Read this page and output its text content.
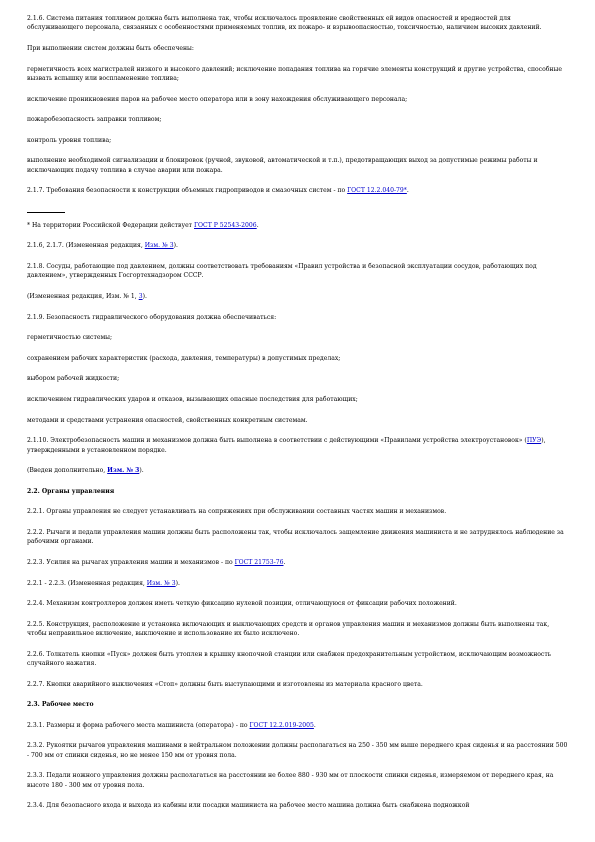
2.1.6. Система питания топливом должна быть выполнена так, чтобы исключалось проявление свойственных ей видов опасностей и вредностей для обслуживающего персонала, связанных с особенностями применяемых топлив, их пожаро- и взрывоопасностью, токсичностью, наличием высоких давлений.

При выполнении систем должны быть обеспечены:

герметичность всех магистралей низкого и высокого давлений; исключение попадания топлива на горячие элементы конструкций и другие устройства, способные вызвать вспышку или воспламенение топлива;

исключение проникновения паров на рабочее место оператора или в зону нахождения обслуживающего персонала;

пожаробезопасность заправки топливом;

контроль уровня топлива;

выполнение необходимой сигнализации и блокировок (ручной, звуковой, автоматической и т.п.), предотвращающих выход за допустимые режимы работы и исключающих подачу топлива в случае аварии или пожара.

2.1.7. Требования безопасности к конструкции объемных гидроприводов и смазочных систем - по ГОСТ 12.2.040-79*.

* На территории Российской Федерации действует ГОСТ Р 52543-2006.

2.1.6, 2.1.7. (Измененная редакция, Изм. № 3).

2.1.8. Сосуды, работающие под давлением, должны соответствовать требованиям «Правил устройства и безопасной эксплуатации сосудов, работающих под давлением», утвержденных Госгортехнадзором СССР.

(Измененная редакция, Изм. № 1, 3).

2.1.9. Безопасность гидравлического оборудования должна обеспечиваться:

герметичностью системы;

сохранением рабочих характеристик (расхода, давления, температуры) в допустимых пределах;

выбором рабочей жидкости;

исключением гидравлических ударов и отказов, вызывающих опасные последствия для работающих;

методами и средствами устранения опасностей, свойственных конкретным системам.

2.1.10. Электробезопасность машин и механизмов должна быть выполнена в соответствии с действующими «Правилами устройства электроустановок» (ПУЭ), утвержденными в установленном порядке.

(Введен дополнительно, Изм. № 3).

2.2. Органы управления

2.2.1. Органы управления не следует устанавливать на сопряжениях при обслуживании составных частях машин и механизмов.

2.2.2. Рычаги и педали управления машин должны быть расположены так, чтобы исключалось защемление движения машиниста и не затруднялось наблюдение за рабочими органами.

2.2.3. Усилия на рычагах управления машин и механизмов - по ГОСТ 21753-76.

2.2.1 - 2.2.3. (Измененная редакция, Изм. № 3).

2.2.4. Механизм контроллеров должен иметь четкую фиксацию нулевой позиции, отличающуюся от фиксации рабочих положений.

2.2.5. Конструкция, расположение и установка включающих и выключающих средств и органов управления машин и механизмов должны быть выполнены так, чтобы неправильное включение, выключение и использование их было исключено.

2.2.6. Толкатель кнопки «Пуск» должен быть утоплен в крышку кнопочной станции или снабжен предохранительным устройством, исключающим возможность случайного нажатия.

2.2.7. Кнопки аварийного выключения «Стоп» должны быть выступающими и изготовлены из материала красного цвета.

2.3. Рабочее место

2.3.1. Размеры и форма рабочего места машиниста (оператора) - по ГОСТ 12.2.019-2005.

2.3.2. Рукоятки рычагов управления машинами в нейтральном положении должны располагаться на 250 - 350 мм выше переднего края сиденья и на расстоянии 500 - 700 мм от спинки сиденья, но не менее 150 мм от уровня пола.

2.3.3. Педали ножного управления должны располагаться на расстоянии не более 880 - 930 мм от плоскости спинки сиденья, измеряемом от переднего края, на высоте 180 - 300 мм от уровня пола.

2.3.4. Для безопасного входа и выхода из кабины или посадки машиниста на рабочее место машина должна быть снабжена подножкой
